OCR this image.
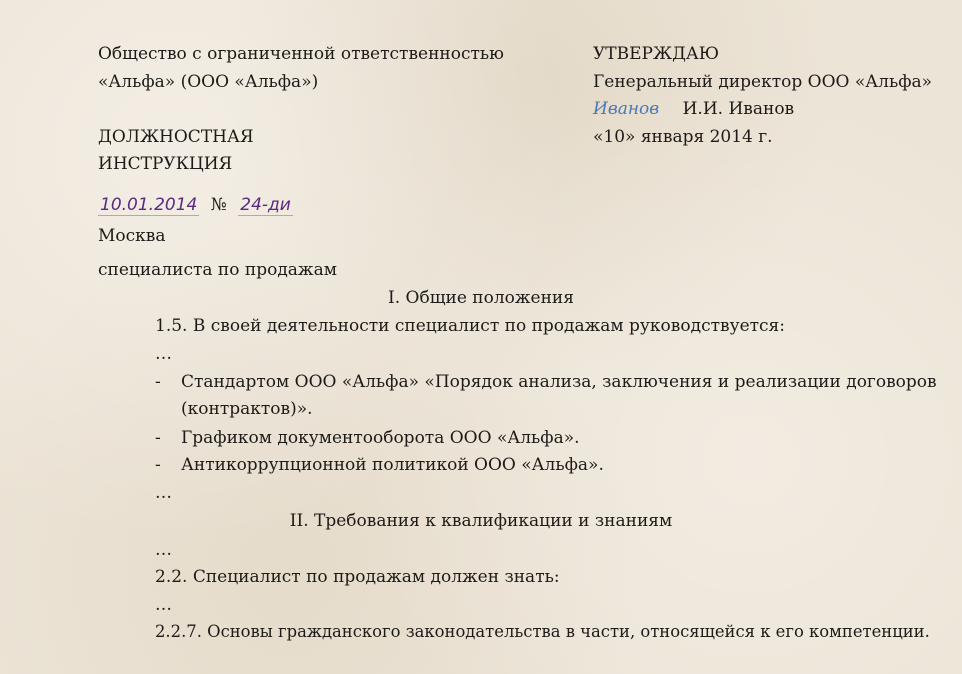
Общество с ограниченной ответственностью
«Альфа» (ООО «Альфа»)
ДОЛЖНОСТНАЯ
ИНСТРУКЦИЯ
10.01.2014 № 24-ди
Москва
специалиста по продажам
УТВЕРЖДАЮ
Генеральный директор ООО «Альфа»
Иванов И.И. Иванов
«10» января 2014 г.
I. Общие положения
1.5. В своей деятельности специалист по продажам руководствуется:
…
- Стандартом ООО «Альфа» «Порядок анализа, заключения и реализации договоров
(контрактов)».
- Графиком документооборота ООО «Альфа».
- Антикоррупционной политикой ООО «Альфа».
…
II. Требования к квалификации и знаниям
…
2.2. Специалист по продажам должен знать:
…
2.2.7. Основы гражданского законодательства в части, относящейся к его компетенции.
